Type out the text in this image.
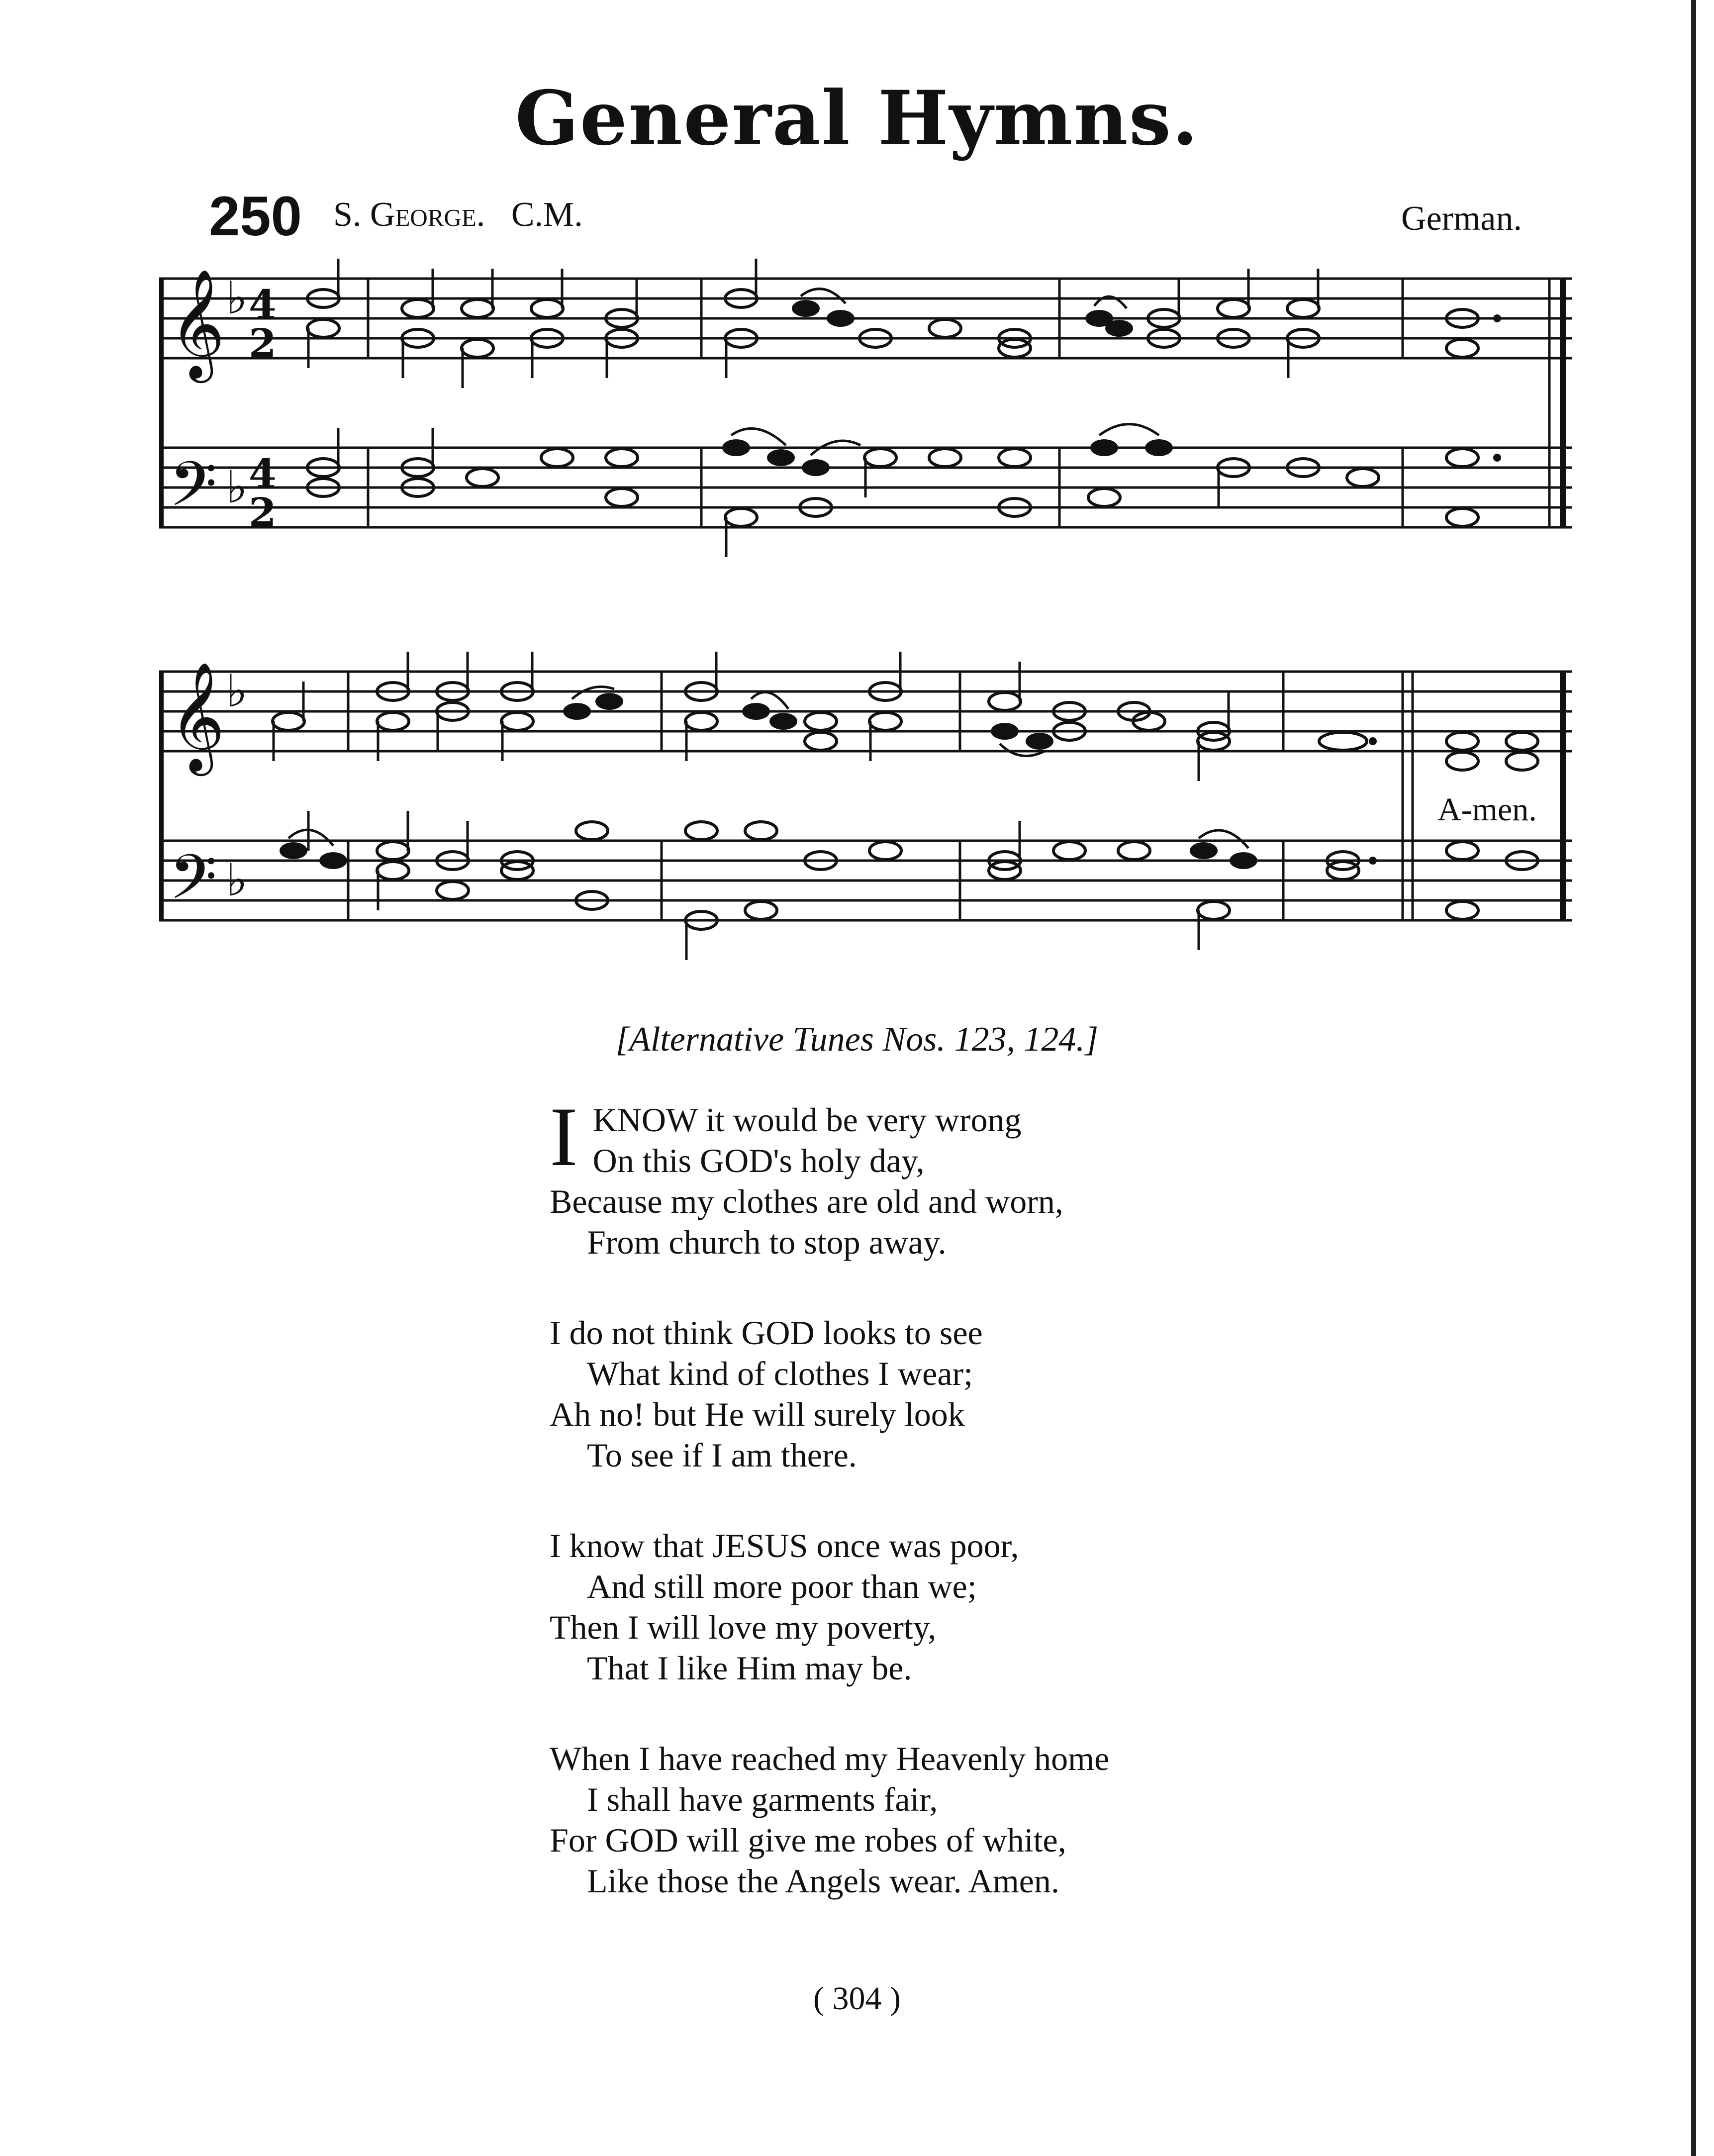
General Hymns.
250 S. George. C.M.	German.
𝄞
𝄢
♭
♭
4
2
4
2
𝄞
𝄢
♭
♭
A-men.
[Alternative Tunes Nos. 123, 124.]
I KNOW it would be very wrong
On this GOD's holy day,
Because my clothes are old and worn,
From church to stop away.
I do not think GOD looks to see
What kind of clothes I wear;
Ah no! but He will surely look
To see if I am there.
I know that JESUS once was poor,
And still more poor than we;
Then I will love my poverty,
That I like Him may be.
When I have reached my Heavenly home
I shall have garments fair,
For GOD will give me robes of white,
Like those the Angels wear. Amen.
( 304 )
